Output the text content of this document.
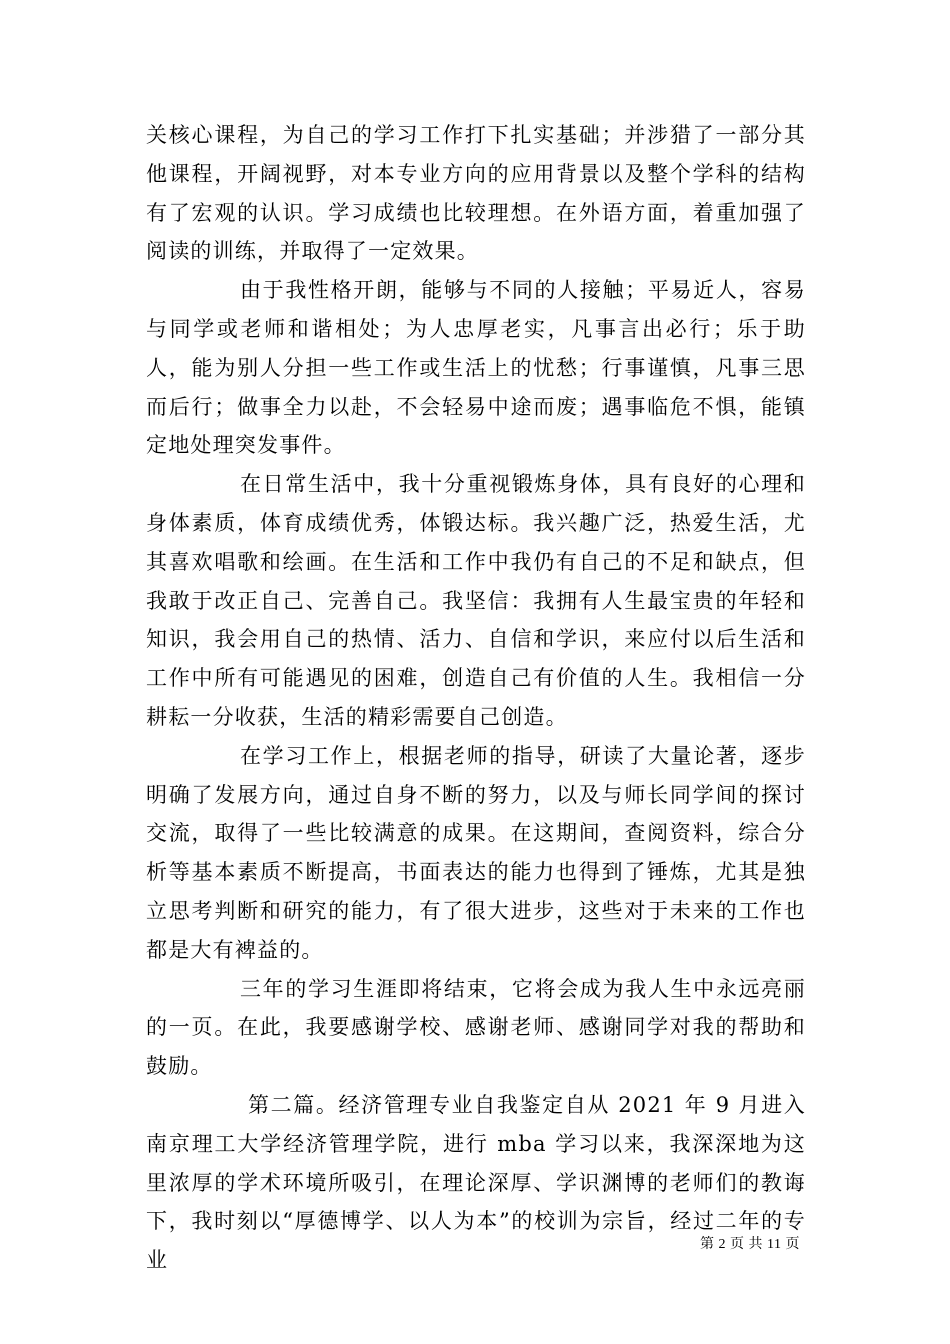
关核心课程，为自己的学习工作打下扎实基础；并涉猎了一部分其他课程，开阔视野，对本专业方向的应用背景以及整个学科的结构有了宏观的认识。学习成绩也比较理想。在外语方面，着重加强了阅读的训练，并取得了一定效果。

由于我性格开朗，能够与不同的人接触；平易近人，容易与同学或老师和谐相处；为人忠厚老实，凡事言出必行；乐于助人，能为别人分担一些工作或生活上的忧愁；行事谨慎，凡事三思而后行；做事全力以赴，不会轻易中途而废；遇事临危不惧，能镇定地处理突发事件。

在日常生活中，我十分重视锻炼身体，具有良好的心理和身体素质，体育成绩优秀，体锻达标。我兴趣广泛，热爱生活，尤其喜欢唱歌和绘画。在生活和工作中我仍有自己的不足和缺点，但我敢于改正自己、完善自己。我坚信：我拥有人生最宝贵的年轻和知识，我会用自己的热情、活力、自信和学识，来应付以后生活和工作中所有可能遇见的困难，创造自己有价值的人生。我相信一分耕耘一分收获，生活的精彩需要自己创造。

在学习工作上，根据老师的指导，研读了大量论著，逐步明确了发展方向，通过自身不断的努力，以及与师长同学间的探讨交流，取得了一些比较满意的成果。在这期间，查阅资料，综合分析等基本素质不断提高，书面表达的能力也得到了锤炼，尤其是独立思考判断和研究的能力，有了很大进步，这些对于未来的工作也都是大有裨益的。

三年的学习生涯即将结束，它将会成为我人生中永远亮丽的一页。在此，我要感谢学校、感谢老师、感谢同学对我的帮助和鼓励。

第二篇。经济管理专业自我鉴定自从 2021 年 9 月进入南京理工大学经济管理学院，进行 mba 学习以来，我深深地为这里浓厚的学术环境所吸引，在理论深厚、学识渊博的老师们的教诲下，我时刻以“厚德博学、以人为本”的校训为宗旨，经过二年的专业

第 2 页 共 11 页
